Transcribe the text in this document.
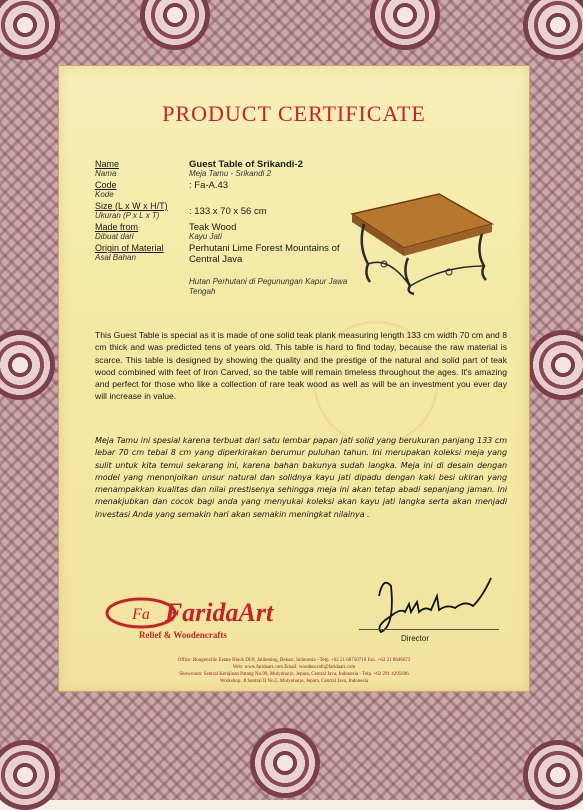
PRODUCT CERTIFICATE
Name
Nama
Guest Table of Srikandi-2
Meja Tamu - Srikandi 2
Code
Kode
: Fa-A.43
Size (L x W x H/T)
Ukuran (P x L x T)	: 133 x 70 x 56 cm
Made from
Dibuat dari
Teak Wood
Kayu Jati
Origin of Material
Asal Bahan
Perhutani Lime Forest Mountains of Central Java
Hutan Perhutani di Pegunungan Kapur Jawa Tengah
This Guest Table is special as it is made of one solid teak plank measuring length 133 cm width 70 cm and 8 cm thick and was predicted tens of years old. This table is hard to find today, because the raw material is scarce. This table is designed by showing the quality and the prestige of the natural and solid part of teak wood combined with feet of Iron Carved, so the table will remain timeless throughout the ages. It's amazing and perfect for those who like a collection of rare teak wood as well as will be an investment you ever day will increase in value.
Meja Tamu ini spesial karena terbuat dari satu lembar papan jati solid yang berukuran panjang 133 cm lebar 70 cm tebal 8 cm yang diperkirakan berumur puluhan tahun. Ini merupakan koleksi meja yang sulit untuk kita temui sekarang ini, karena bahan bakunya sudah langka. Meja ini di desain dengan model yang menonjolkan unsur natural dan solidnya kayu jati dipadu dengan kaki besi ukiran yang menampakkan kualitas dan nilai prestisenya sehingga meja ini akan tetap abadi sepanjang jaman. Ini menakjubkan dan cocok bagi anda yang menyukai koleksi akan kayu jati langka serta akan menjadi investasi Anda yang semakin hari akan semakin meningkat nilainya .
Fa FaridaArt
Relief & Woodencrafts	Director
Office: Bougenville Estate Block DI/9, Jatibening, Bekasi, Indonesia - Telp. +62 21 68750710 Fax. +62 21 8646672
Web: www.faridaart.com Email: woodencraft@faridaart.com
Showroom: Sentral Kerajinan Patang No.99, Mulyoharjo, Jepara, Central Java, Indonesia - Telp. +62 291 4295696
Workshop: Jl Sentral II No.5, Mulyoharjo, Jepara, Central Java, Indonesia
